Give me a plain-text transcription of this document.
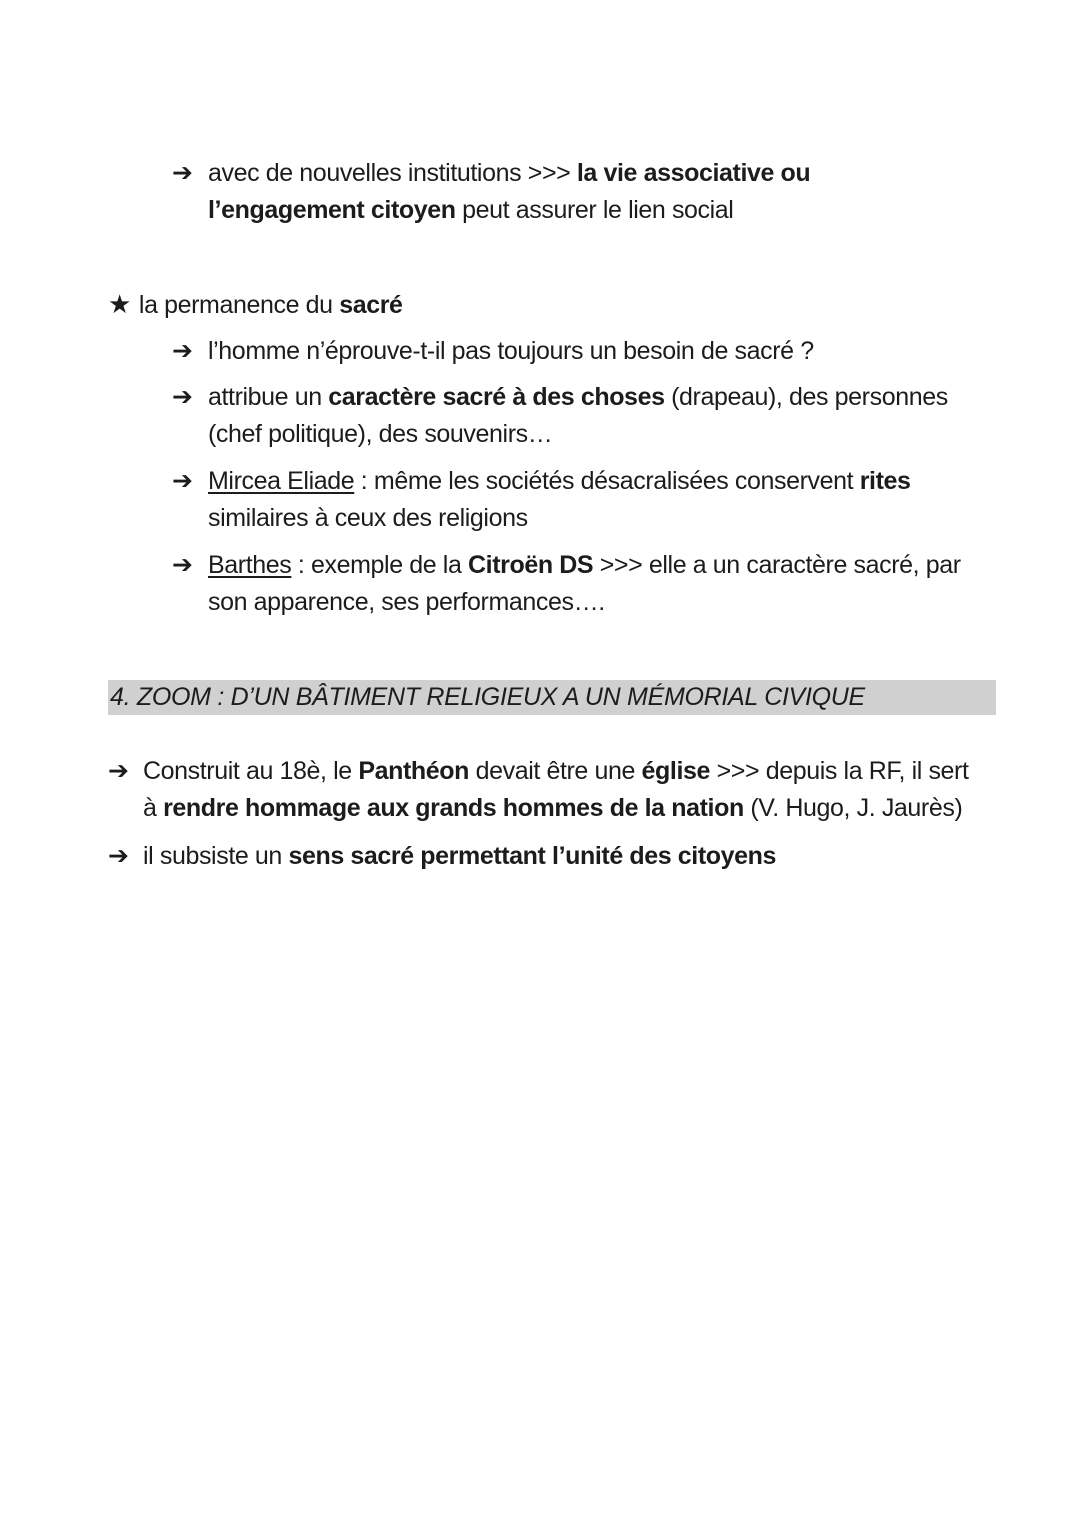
➔ avec de nouvelles institutions >>> la vie associative ou l’engagement citoyen peut assurer le lien social
★ la permanence du sacré
➔ l’homme n’éprouve-t-il pas toujours un besoin de sacré ?
➔ attribue un caractère sacré à des choses (drapeau), des personnes (chef politique), des souvenirs…
➔ Mircea Eliade : même les sociétés désacralisées conservent rites similaires à ceux des religions
➔ Barthes : exemple de la Citroën DS >>> elle a un caractère sacré, par son apparence, ses performances….
4. ZOOM : D’UN BÂTIMENT RELIGIEUX A UN MÉMORIAL CIVIQUE
➔ Construit au 18è, le Panthéon devait être une église >>> depuis la RF, il sert à rendre hommage aux grands hommes de la nation (V. Hugo, J. Jaurès)
➔ il subsiste un sens sacré permettant l’unité des citoyens
